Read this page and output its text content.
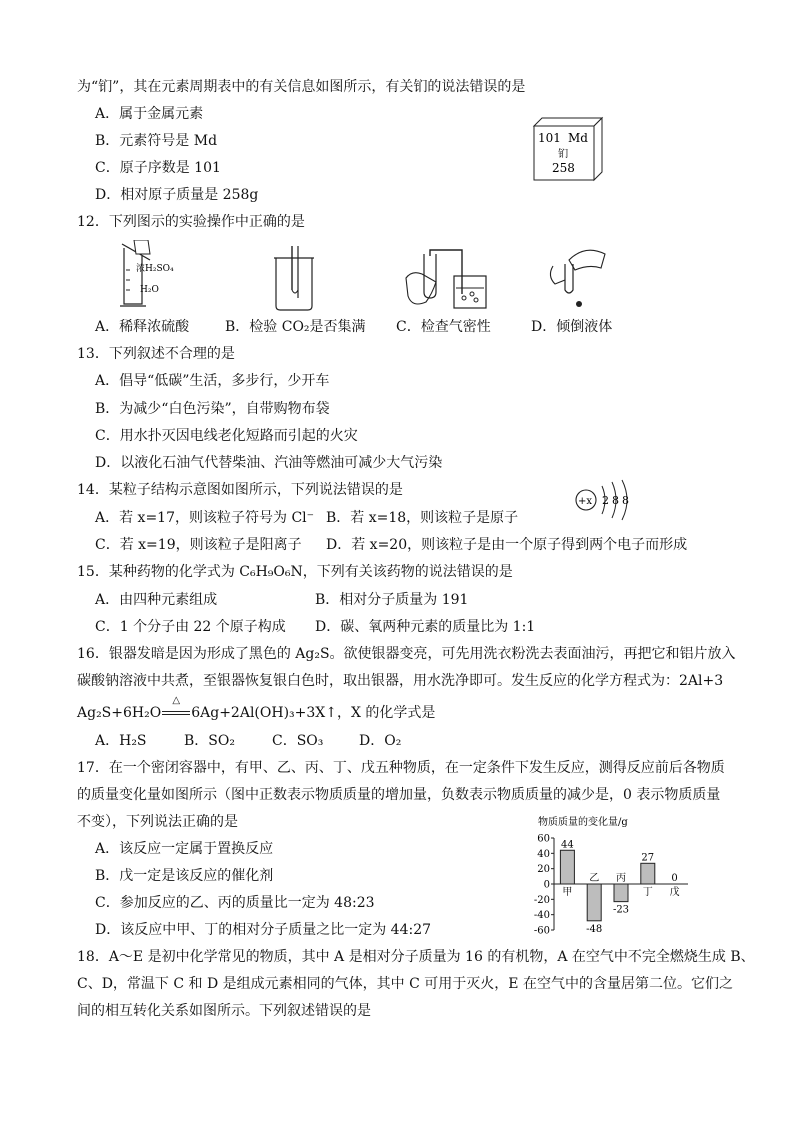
为“钔”，其在元素周期表中的有关信息如图所示，有关钔的说法错误的是
A．属于金属元素
B．元素符号是 Md
C．原子序数是 101
D．相对原子质量是 258g
101 Md
钔
258
12．下列图示的实验操作中正确的是
浓H₂SO₄
H₂O
A．稀释浓硫酸	B．检验 CO₂是否集满 C．检查气密性	D．倾倒液体
13．下列叙述不合理的是
A．倡导“低碳”生活，多步行，少开车
B．为减少“白色污染”，自带购物布袋
C．用水扑灭因电线老化短路而引起的火灾
D．以液化石油气代替柴油、汽油等燃油可减少大气污染
14．某粒子结构示意图如图所示，下列说法错误的是
+x 2 8 8
A．若 x=17，则该粒子符号为 Cl⁻ B．若 x=18，则该粒子是原子
C．若 x=19，则该粒子是阳离子 D．若 x=20，则该粒子是由一个原子得到两个电子而形成
15．某种药物的化学式为 C₆H₉O₆N，下列有关该药物的说法错误的是
A．由四种元素组成	B．相对分子质量为 191
C．1 个分子由 22 个原子构成 D．碳、氧两种元素的质量比为 1:1
16．银器发暗是因为形成了黑色的 Ag₂S。欲使银器变亮，可先用洗衣粉洗去表面油污，再把它和铝片放入
碳酸钠溶液中共煮，至银器恢复银白色时，取出银器，用水洗净即可。发生反应的化学方程式为：2Al+3
Ag₂S+6H₂O
△
6Ag+2Al(OH)₃+3X↑，X 的化学式是
A．H₂S	B．SO₂	C．SO₃	D．O₂
17．在一个密闭容器中，有甲、乙、丙、丁、戊五种物质，在一定条件下发生反应，测得反应前后各物质
的质量变化量如图所示（图中正数表示物质质量的增加量，负数表示物质质量的减少是，0 表示物质质量
不变），下列说法正确的是
A．该反应一定属于置换反应
B．戊一定是该反应的催化剂
C．参加反应的乙、丙的质量比一定为 48:23
D．该反应中甲、丁的相对分子质量之比一定为 44:27
物质质量的变化量/g
60
40
20
0
-20
-40
-60
甲
44
乙
-48
丙
-23
丁
27
戊
0
18．A～E 是初中化学常见的物质，其中 A 是相对分子质量为 16 的有机物，A 在空气中不完全燃烧生成 B、
C、D，常温下 C 和 D 是组成元素相同的气体，其中 C 可用于灭火，E 在空气中的含量居第二位。它们之
间的相互转化关系如图所示。下列叙述错误的是
